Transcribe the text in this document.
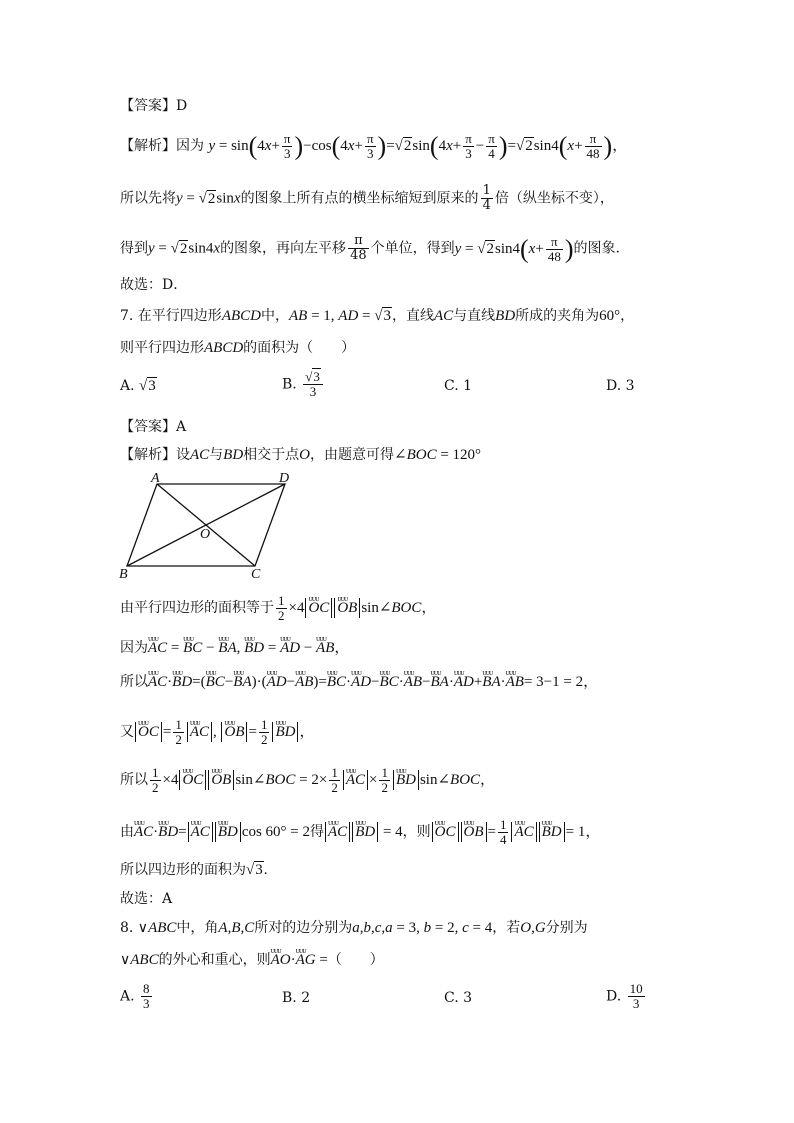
【答案】D
【解析】因为 $y = \sin(4x+ \frac{\pi}{3} )-\cos(4x+ \frac{\pi}{3} )=√2\sin(4x+ \frac{\pi}{3} - \frac{\pi}{4} )=√2\sin 4(x+ \frac{\pi}{48}$ )，
所以先将y = √2sinx的图象上所有点的横坐标缩短到原来的 $\frac{1}{4}$ 倍（纵坐标不变），
得到y = √2sin4x的图象，再向左平移 $\frac{\pi}{48}$ 个单位，得到$y = √2\sin 4(x+ \frac{\pi}{48}$ )的图象.
故选：D．
7. 在平行四边形ABCD中，AB = 1, AD = √3，直线AC与直线BD所成的夹角为60°，
则平行四边形ABCD的面积为（　　）
A. √3	B. $\frac{√3}{3}$	C. 1	D. 3
【答案】A
【解析】设AC与BD相交于点O，由题意可得∠BOC = 120°
A	D
O
B	C
由平行四边形的面积等于 $\frac{1}{2}$ ×4ᴜᴜᴜ OCᴜᴜᴜ OB sin∠BOC，
因为ᴜᴜᴜ AC = ᴜᴜᴜ BC − ᴜᴜᴜ BA, ᴜᴜᴜ BD = ᴜᴜᴜ AD − ᴜᴜᴜ AB，
所以ᴜᴜᴜ AC·ᴜᴜᴜ BD=(ᴜᴜᴜ BC−ᴜᴜᴜ BA)·(ᴜᴜᴜ AD−ᴜᴜᴜ AB)=ᴜᴜᴜ BC·ᴜᴜᴜ AD−ᴜᴜᴜ BC·ᴜᴜᴜ AB−ᴜᴜᴜ BA·ᴜᴜᴜ AD+ᴜᴜᴜ BA·ᴜᴜᴜ AB= 3−1 = 2，
又ᴜᴜᴜ OC = $\frac{1}{2}$
ᴜᴜᴜ AC , ᴜᴜᴜ OB = $\frac{1}{2}$
ᴜᴜᴜ BD ，
所以 $\frac{1}{2}$ ×4ᴜᴜᴜ OCᴜᴜᴜ OB sin∠BOC = $2\times \frac{1}{2}$
ᴜᴜᴜ AC × $\frac{1}{2}$
ᴜᴜᴜ BD sin∠BOC，
由ᴜᴜᴜ AC·ᴜᴜᴜ BD=ᴜᴜᴜ ACᴜᴜᴜ BD cos 60° = 2得ᴜᴜᴜ ACᴜᴜᴜ BD = 4，则ᴜᴜᴜ OCᴜᴜᴜ OB = $\frac{1}{4}$
ᴜᴜᴜ ACᴜᴜᴜ BD = 1，
所以四边形的面积为√3.
故选：A
8. ∨ABC中，角A,B,C所对的边分别为a,b,c,a = 3, b = 2, c = 4，若O,G分别为
∨ABC的外心和重心，则ᴜᴜᴜ AO·ᴜᴜᴜ AG =（　　）
A. $\frac{8}{3}$	B. 2	C. 3	D. $\frac{10}{3}$
